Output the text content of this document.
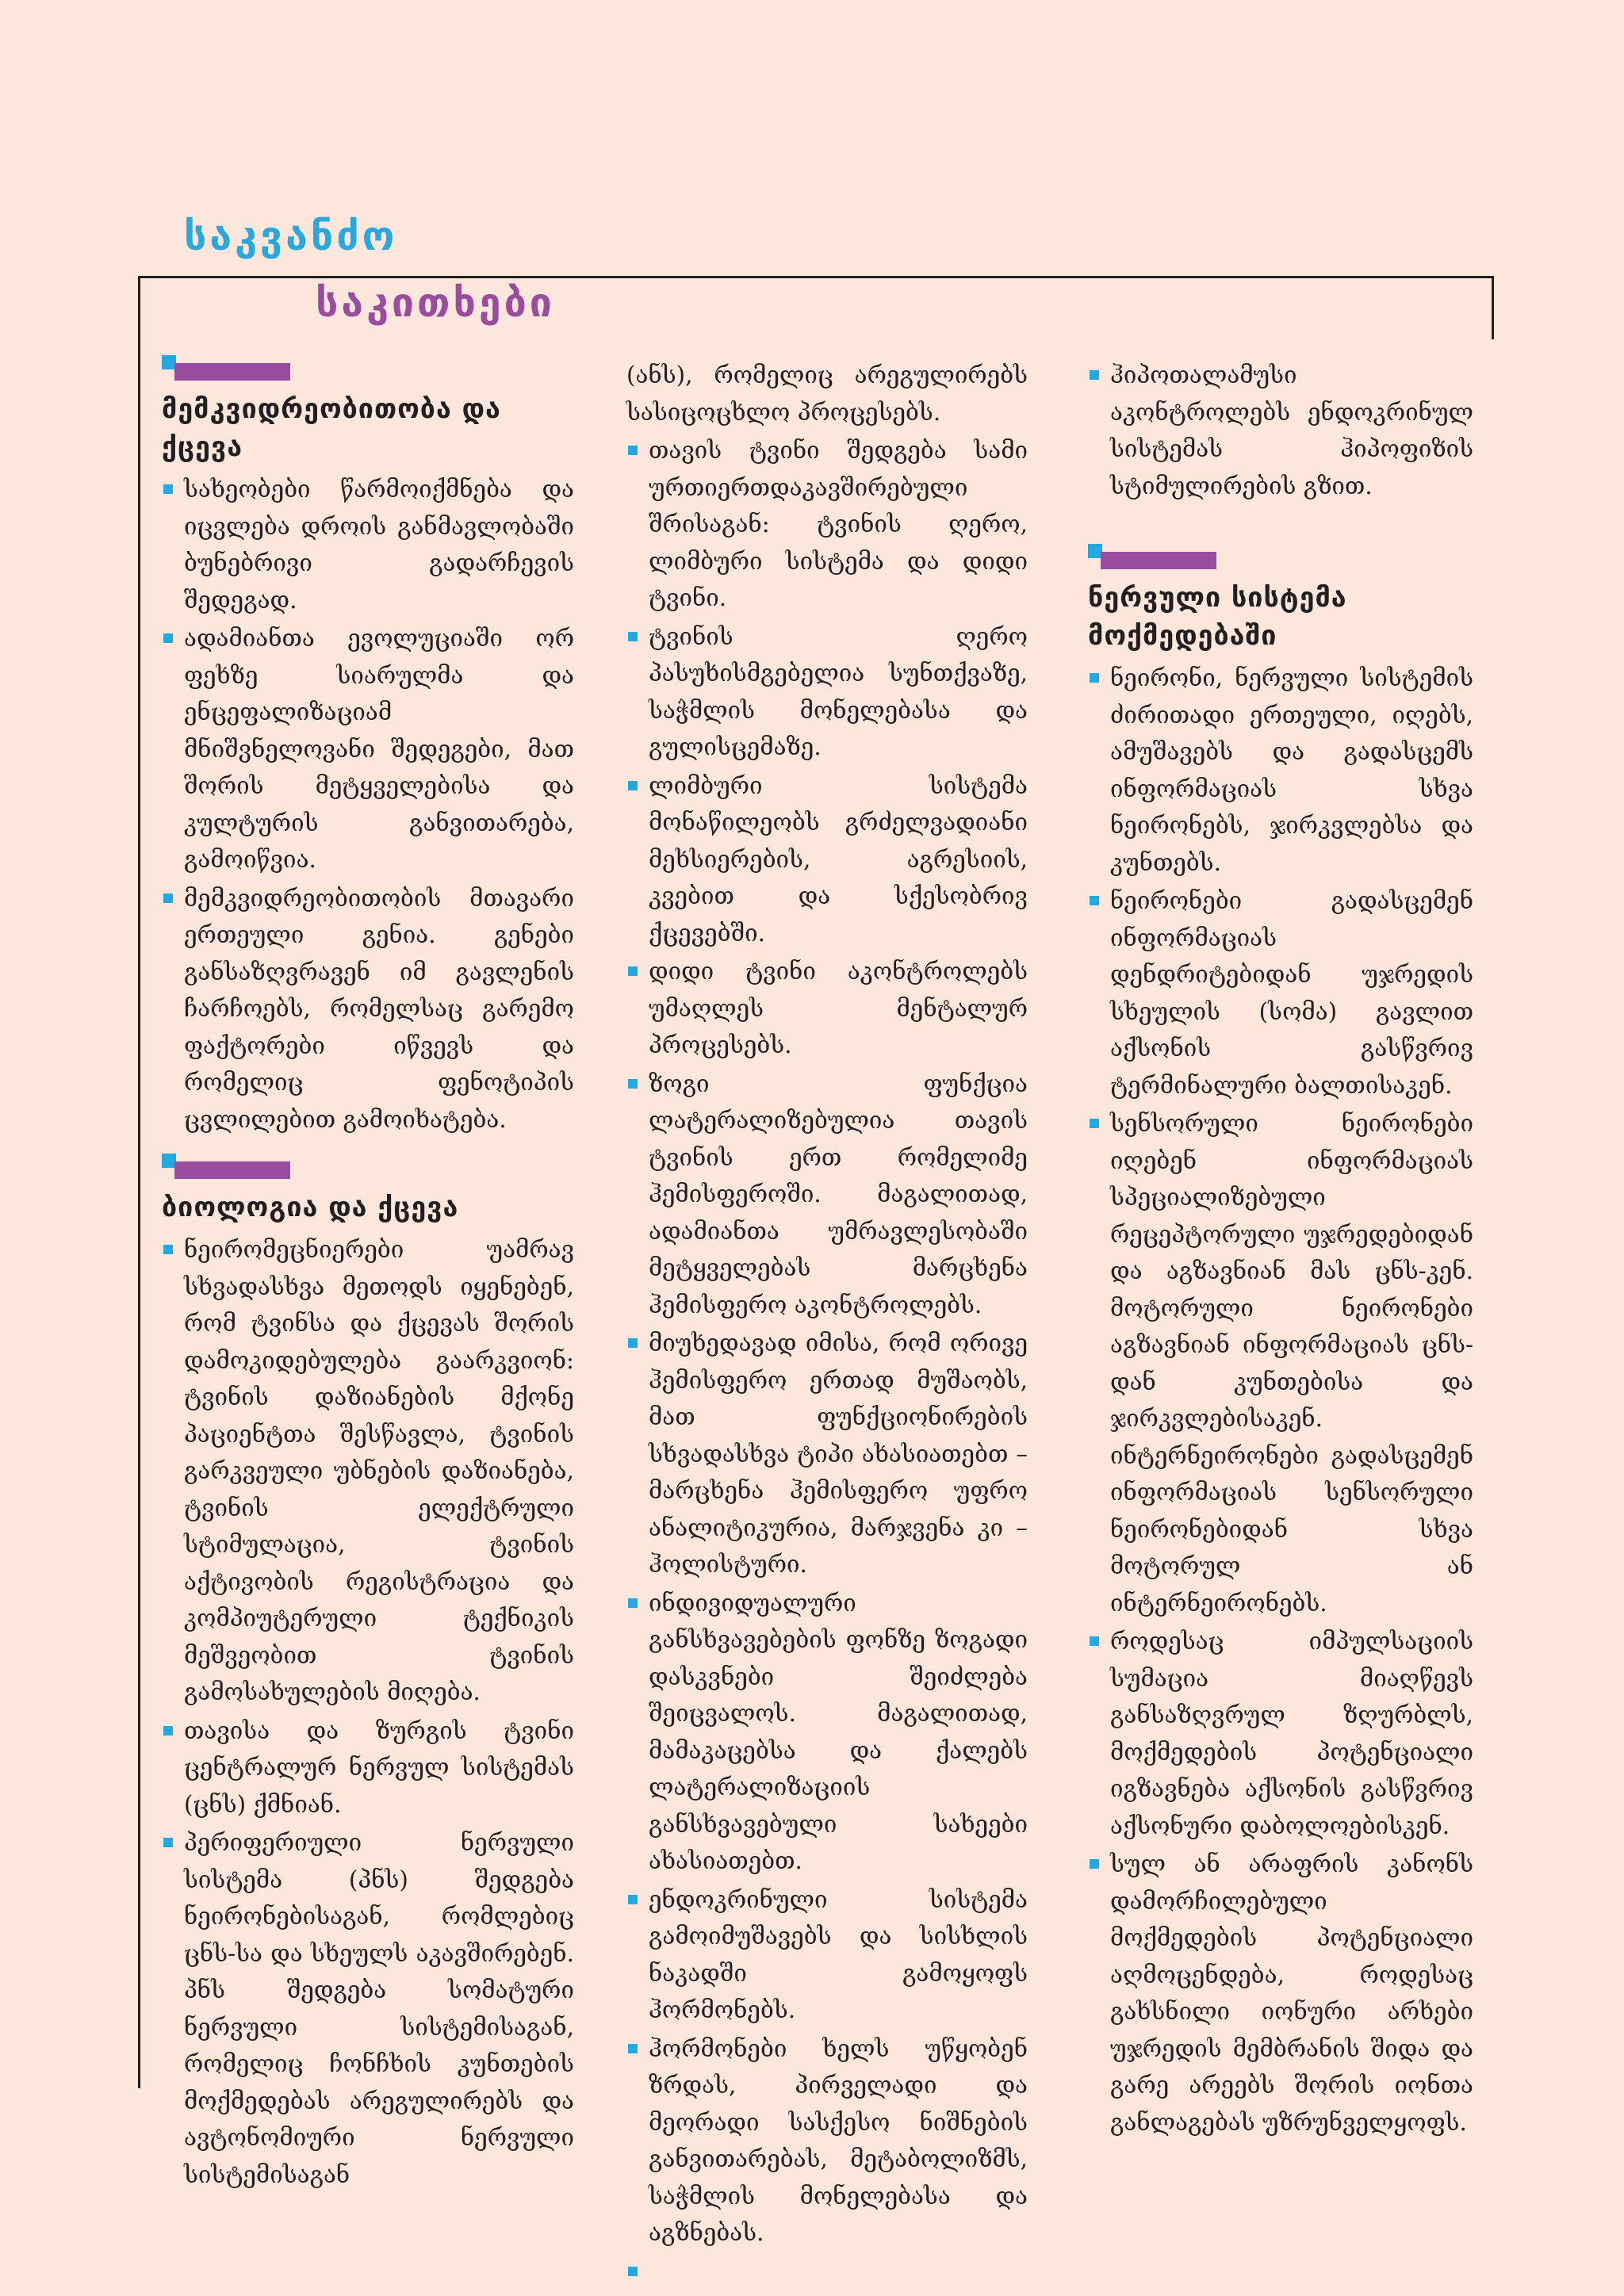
საკვანძო
საკითხები
მემკვიდრეობითობა და ქცევა
სახეობები წარმოიქმნება და იცვლება დროის განმავლობაში ბუნებრივი გადარჩევის შედეგად.
ადამიანთა ევოლუციაში ორ ფეხზე სიარულმა და ენცეფალიზაციამ მნიშვნელოვანი შედეგები, მათ შორის მეტყველებისა და კულტურის განვითარება, გამოიწვია.
მემკვიდრეობითობის მთავარი ერთეული გენია. გენები განსაზღვრავენ იმ გავლენის ჩარჩოებს, რომელსაც გარემო ფაქტორები იწვევს და რომელიც ფენოტიპის ცვლილებით გამოიხატება.
ბიოლოგია და ქცევა
ნეირომეცნიერები უამრავ სხვადასხვა მეთოდს იყენებენ, რომ ტვინსა და ქცევას შორის დამოკიდებულება გაარკვიონ: ტვინის დაზიანების მქონე პაციენტთა შესწავლა, ტვინის გარკვეული უბნების დაზიანება, ტვინის ელექტრული სტიმულაცია, ტვინის აქტივობის რეგისტრაცია და კომპიუტერული ტექნიკის მეშვეობით ტვინის გამოსახულების მიღება.
თავისა და ზურგის ტვინი ცენტრალურ ნერვულ სისტემას (ცნს) ქმნიან.
პერიფერიული ნერვული სისტემა (პნს) შედგება ნეირონებისაგან, რომლებიც ცნს-სა და სხეულს აკავშირებენ. პნს შედგება სომატური ნერვული სისტემისაგან, რომელიც ჩონჩხის კუნთების მოქმედებას არეგულირებს და ავტონომიური ნერვული სისტემისაგან

(ანს), რომელიც არეგულირებს სასიცოცხლო პროცესებს.

თავის ტვინი შედგება სამი ურთიერთდაკავშირებული შრისაგან: ტვინის ღერო, ლიმბური სისტემა და დიდი ტვინი.
ტვინის ღერო პასუხისმგებელია სუნთქვაზე, საჭმლის მონელებასა და გულისცემაზე.
ლიმბური სისტემა მონაწილეობს გრძელვადიანი მეხსიერების, აგრესიის, კვებით და სქესობრივ ქცევებში.
დიდი ტვინი აკონტროლებს უმაღლეს მენტალურ პროცესებს.
ზოგი ფუნქცია ლატერალიზებულია თავის ტვინის ერთ რომელიმე ჰემისფეროში. მაგალითად, ადამიანთა უმრავლესობაში მეტყველებას მარცხენა ჰემისფერო აკონტროლებს.
მიუხედავად იმისა, რომ ორივე ჰემისფერო ერთად მუშაობს, მათ ფუნქციონირების სხვადასხვა ტიპი ახასიათებთ – მარცხენა ჰემისფერო უფრო ანალიტიკურია, მარჯვენა კი – ჰოლისტური.
ინდივიდუალური განსხვავებების ფონზე ზოგადი დასკვნები შეიძლება შეიცვალოს. მაგალითად, მამაკაცებსა და ქალებს ლატერალიზაციის განსხვავებული სახეები ახასიათებთ.
ენდოკრინული სისტემა გამოიმუშავებს და სისხლის ნაკადში გამოყოფს ჰორმონებს.
ჰორმონები ხელს უწყობენ ზრდას, პირველადი და მეორადი სასქესო ნიშნების განვითარებას, მეტაბოლიზმს, საჭმლის მონელებასა და აგზნებას.
ჰიპოთალამუსი აკონტროლებს ენდოკრინულ სისტემას ჰიპოფიზის სტიმულირების გზით.
ნერვული სისტემა მოქმედებაში
ნეირონი, ნერვული სისტემის ძირითადი ერთეული, იღებს, ამუშავებს და გადასცემს ინფორმაციას სხვა ნეირონებს, ჯირკვლებსა და კუნთებს.
ნეირონები გადასცემენ ინფორმაციას დენდრიტებიდან უჯრედის სხეულის (სომა) გავლით აქსონის გასწვრივ ტერმინალური ბალთისაკენ.
სენსორული ნეირონები იღებენ ინფორმაციას სპეციალიზებული რეცეპტორული უჯრედებიდან და აგზავნიან მას ცნს-კენ. მოტორული ნეირონები აგზავნიან ინფორმაციას ცნს-დან კუნთებისა და ჯირკვლებისაკენ. ინტერნეირონები გადასცემენ ინფორმაციას სენსორული ნეირონებიდან სხვა მოტორულ ან ინტერნეირონებს.
როდესაც იმპულსაციის სუმაცია მიაღწევს განსაზღვრულ ზღურბლს, მოქმედების პოტენციალი იგზავნება აქსონის გასწვრივ აქსონური დაბოლოებისკენ.
სულ ან არაფრის კანონს დამორჩილებული მოქმედების პოტენციალი აღმოცენდება, როდესაც გახსნილი იონური არხები უჯრედის მემბრანის შიდა და გარე არეებს შორის იონთა განლაგებას უზრუნველყოფს.
